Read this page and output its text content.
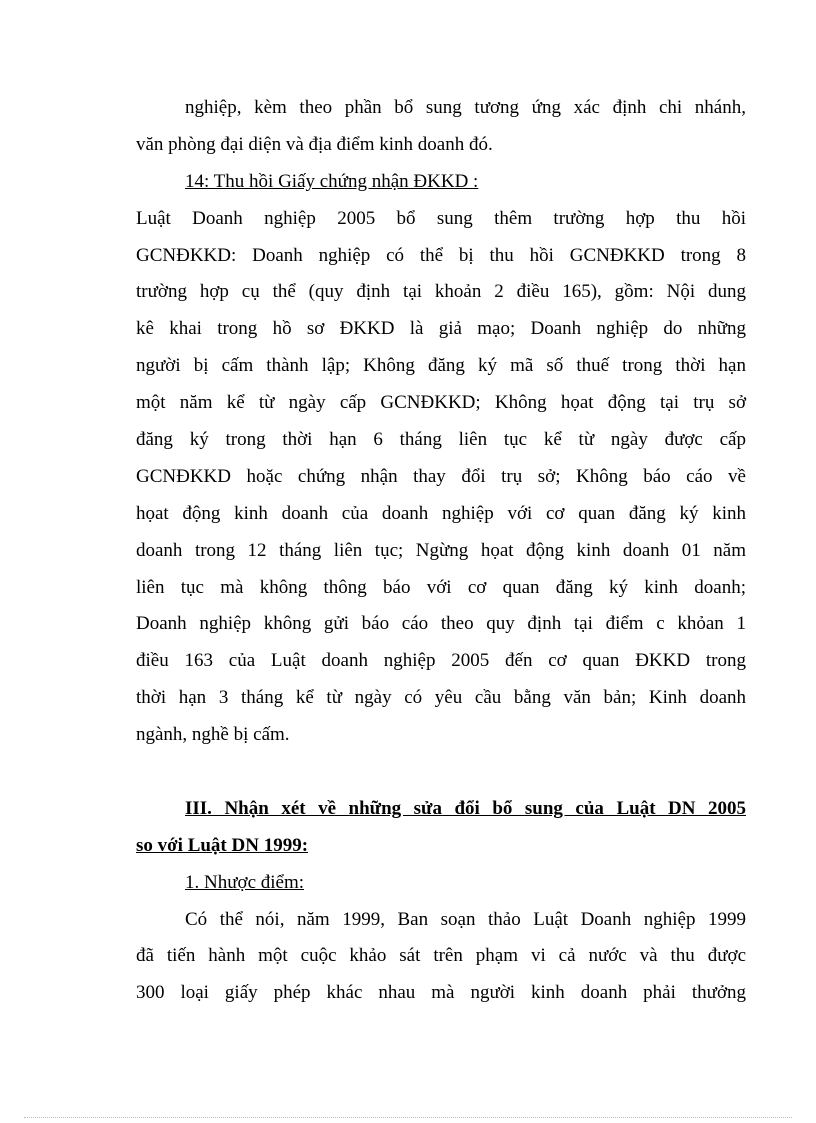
nghiệp, kèm theo phần bổ sung tương ứng xác định chi nhánh,
văn phòng đại diện và địa điểm kinh doanh đó.
14: Thu hồi Giấy chứng nhận ĐKKD :
Luật Doanh nghiệp 2005 bổ sung thêm trường hợp thu hồi
GCNĐKKD: Doanh nghiệp có thể bị thu hồi GCNĐKKD trong 8
trường hợp cụ thể (quy định tại khoản 2 điều 165), gồm: Nội dung
kê khai trong hồ sơ ĐKKD là giả mạo; Doanh nghiệp do những
người bị cấm thành lập; Không đăng ký mã số thuế trong thời hạn
một năm kể từ ngày cấp GCNĐKKD; Không họat động tại trụ sở
đăng ký trong thời hạn 6 tháng liên tục kể từ ngày được cấp
GCNĐKKD hoặc chứng nhận thay đổi trụ sở; Không báo cáo về
họat động kinh doanh của doanh nghiệp với cơ quan đăng ký kinh
doanh trong 12 tháng liên tục; Ngừng họat động kinh doanh 01 năm
liên tục mà không thông báo với cơ quan đăng ký kinh doanh;
Doanh nghiệp không gửi báo cáo theo quy định tại điểm c khỏan 1
điều 163 của Luật doanh nghiệp 2005 đến cơ quan ĐKKD trong
thời hạn 3 tháng kể từ ngày có yêu cầu bằng văn bản; Kinh doanh
ngành, nghề bị cấm.
III. Nhận xét về những sửa đổi bổ sung của Luật DN 2005
so với Luật DN 1999:
1. Nhược điểm:
Có thể nói, năm 1999, Ban soạn thảo Luật Doanh nghiệp 1999
đã tiến hành một cuộc khảo sát trên phạm vi cả nước và thu được
300 loại giấy phép khác nhau mà người kinh doanh phải thưởng
